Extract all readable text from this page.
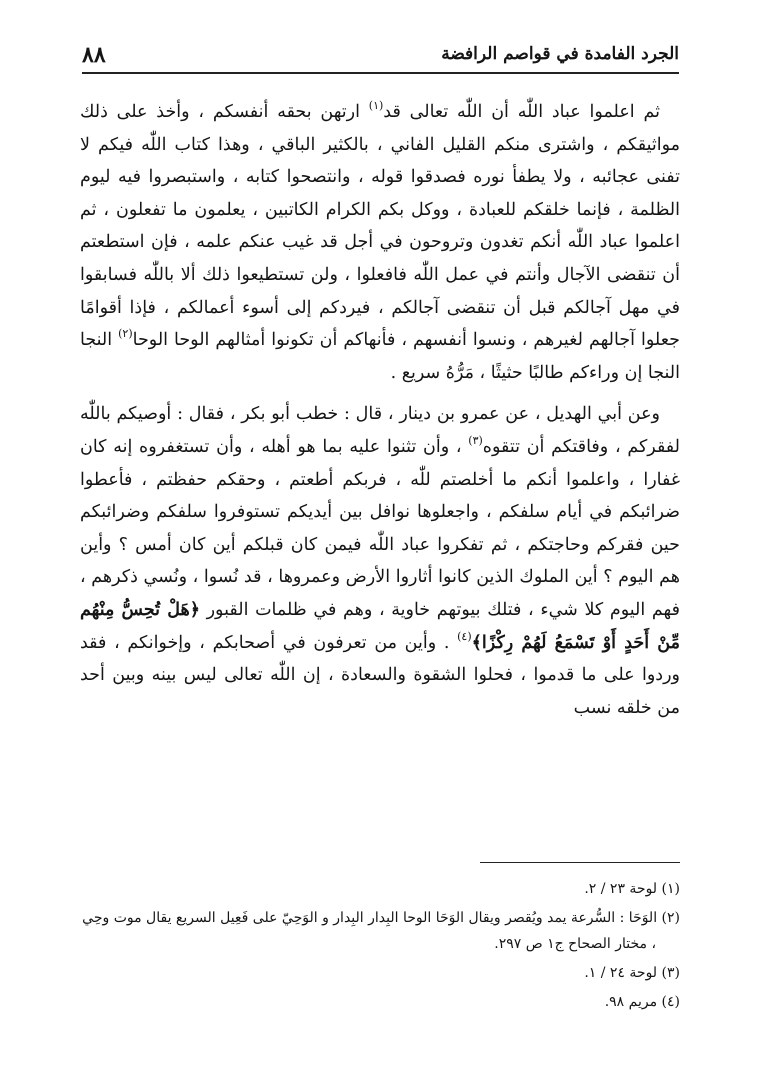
٨٨	الجرد الفامدة في قواصم الرافضة

ثم اعلموا عباد اللّٰه أن اللّٰه تعالى قد$^{(١)}$ ارتهن بحقه أنفسكم ، وأخذ على ذلك مواثيقكم ، واشترى منكم القليل الفاني ، بالكثير الباقي ، وهذا كتاب اللّٰه فيكم لا تفنى عجائبه ، ولا يطفأ نوره فصدقوا قوله ، وانتصحوا كتابه ، واستبصروا فيه ليوم الظلمة ، فإنما خلقكم للعبادة ، ووكل بكم الكرام الكاتبين ، يعلمون ما تفعلون ، ثم اعلموا عباد اللّٰه أنكم تغدون وتروحون في أجل قد غيب عنكم علمه ، فإن استطعتم أن تنقضى الآجال وأنتم في عمل اللّٰه فافعلوا ، ولن تستطيعوا ذلك ألا باللّٰه فسابقوا في مهل آجالكم قبل أن تنقضى آجالكم ، فيردكم إلى أسوء أعمالكم ، فإذا أقوامًا جعلوا آجالهم لغيرهم ، ونسوا أنفسهم ، فأنهاكم أن تكونوا أمثالهم الوحا الوحا$^{(٢)}$ النجا النجا إن وراءكم طالبًا حثيثًا ، مَرُّهُ سريع .

وعن أبي الهديل ، عن عمرو بن دينار ، قال : خطب أبو بكر ، فقال : أوصيكم باللّٰه لفقركم ، وفاقتكم أن تتقوه$^{(٣)}$ ، وأن تثنوا عليه بما هو أهله ، وأن تستغفروه إنه كان غفارا ، واعلموا أنكم ما أخلصتم للّٰه ، فربكم أطعتم ، وحقكم حفظتم ، فأعطوا ضرائبكم في أيام سلفكم ، واجعلوها نوافل بين أيديكم تستوفروا سلفكم وضرائبكم حين فقركم وحاجتكم ، ثم تفكروا عباد اللّٰه فيمن كان قبلكم أين كان أمس ؟ وأين هم اليوم ؟ أين الملوك الذين كانوا أثاروا الأرض وعمروها ، قد نُسوا ، ونُسي ذكرهم ، فهم اليوم كلا شيء ، فتلك بيوتهم خاوية ، وهم في ظلمات القبور ﴿هَلْ تُحِسُّ مِنْهُم مِّنْ أَحَدٍ أَوْ تَسْمَعُ لَهُمْ رِكْزًا﴾$^{(٤)}$ . وأين من تعرفون في أصحابكم ، وإخوانكم ، فقد وردوا على ما قدموا ، فحلوا الشقوة والسعادة ، إن اللّٰه تعالى ليس بينه وبين أحد من خلقه نسب

(١) لوحة ٢٣ / ٢.

(٢) الوَحَا : السُّرعة يمد ويُقصر ويقال الوَحَا الوحا البِدار البِدار و الوَحِيّ على فَعِيل السريع يقال موت وحِي ، مختار الصحاح ج١ ص ٢٩٧.

(٣) لوحة ٢٤ / ١.

(٤) مريم ٩٨.
